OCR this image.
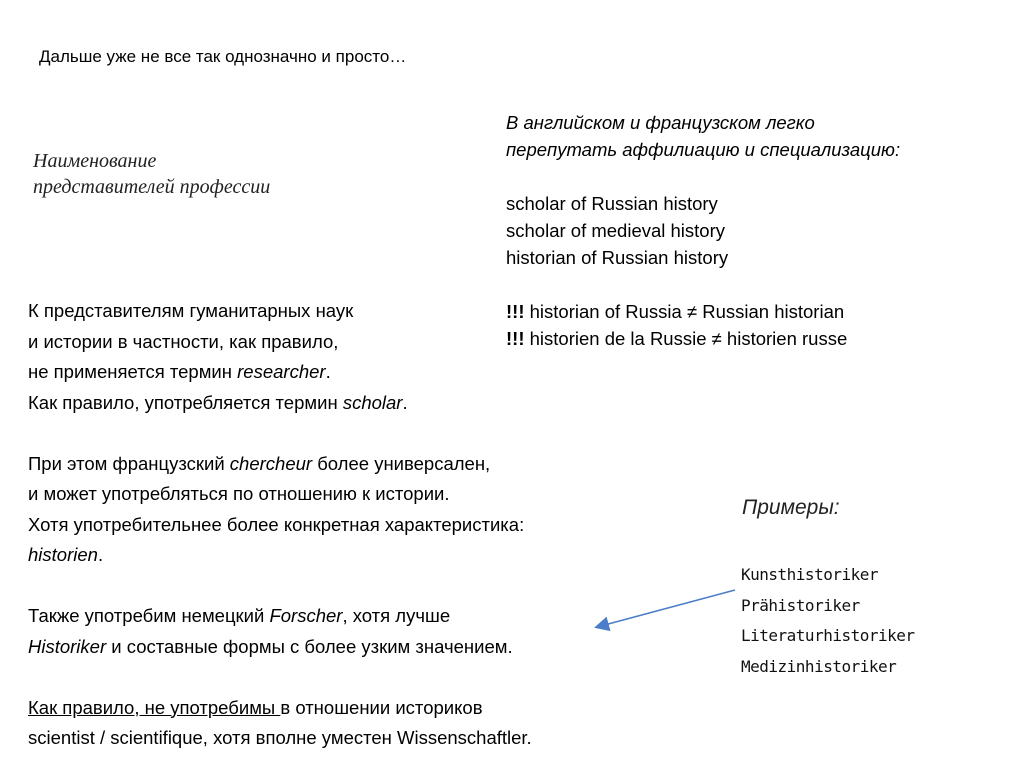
Дальше уже не все так однозначно и просто…
Наименование
представителей профессии
В английском и французском легко
перепутать аффилиацию и специализацию:
scholar of Russian history
scholar of medieval history
historian of Russian history
!!! historian of Russia ≠ Russian historian
!!! historien de la Russie ≠ historien russe
К представителям гуманитарных наук
и истории в частности, как правило,
не применяется термин researcher.
Как правило, употребляется термин scholar.
При этом французский chercheur более универсален,
и может употребляться по отношению к истории.
Хотя употребительнее более конкретная характеристика:
historien.
Также употребим немецкий Forscher, хотя лучше
Historiker и составные формы с более узким значением.
Как правило, не употребимы в отношении историков
scientist / scientifique, хотя вполне уместен Wissenschaftler.
Примеры:
Kunsthistoriker
Prähistoriker
Literaturhistoriker
Medizinhistoriker
